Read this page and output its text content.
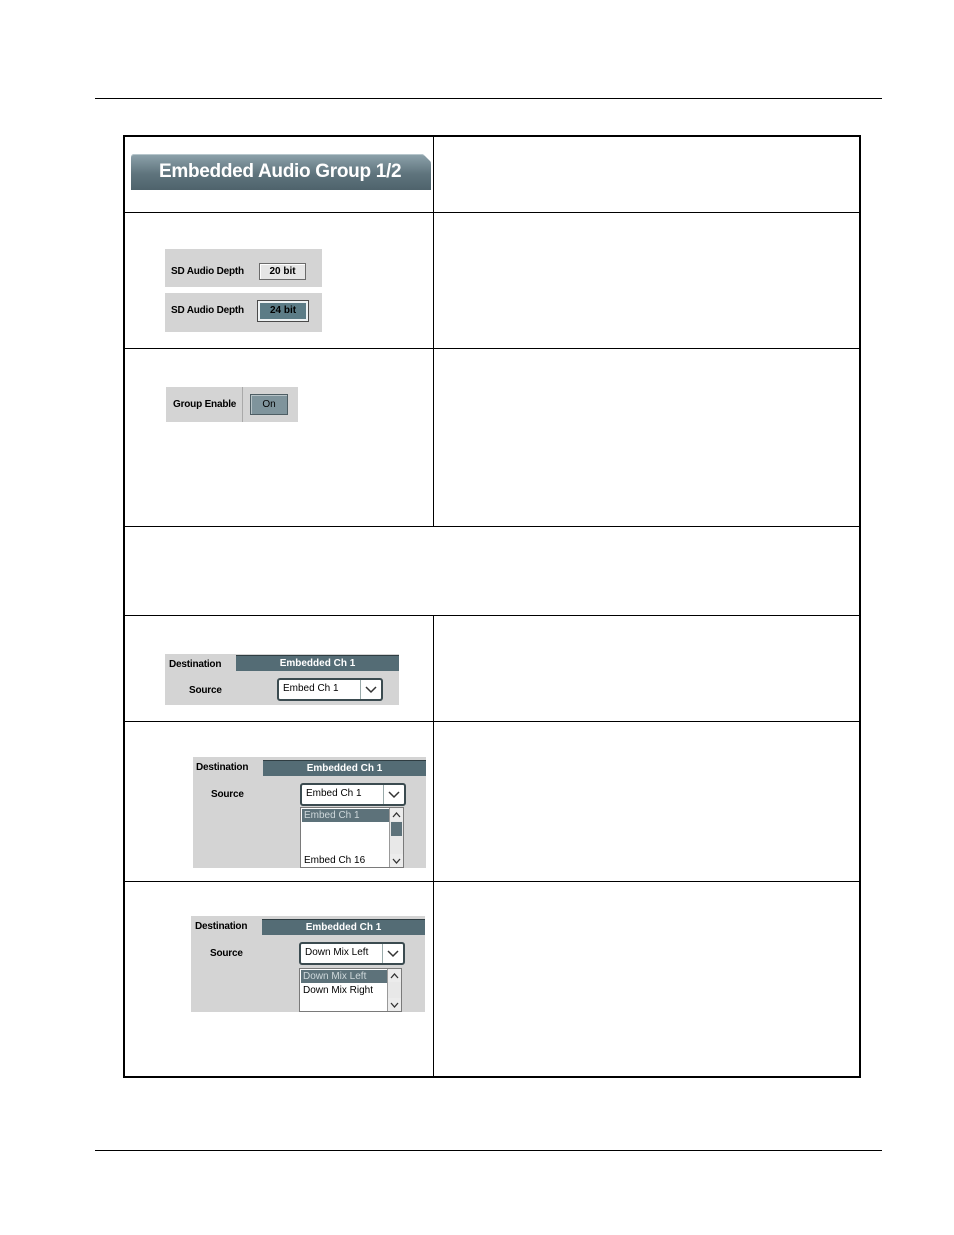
Embedded Audio Group 1/2
SD Audio Depth	20 bit
SD Audio Depth	24 bit
Group Enable	On
Destination	Embedded Ch 1
Source	Embed Ch 1
Destination	Embedded Ch 1
Source	Embed Ch 1
Embed Ch 1
Embed Ch 16
Destination	Embedded Ch 1
Source	Down Mix Left
Down Mix Left
Down Mix Right
